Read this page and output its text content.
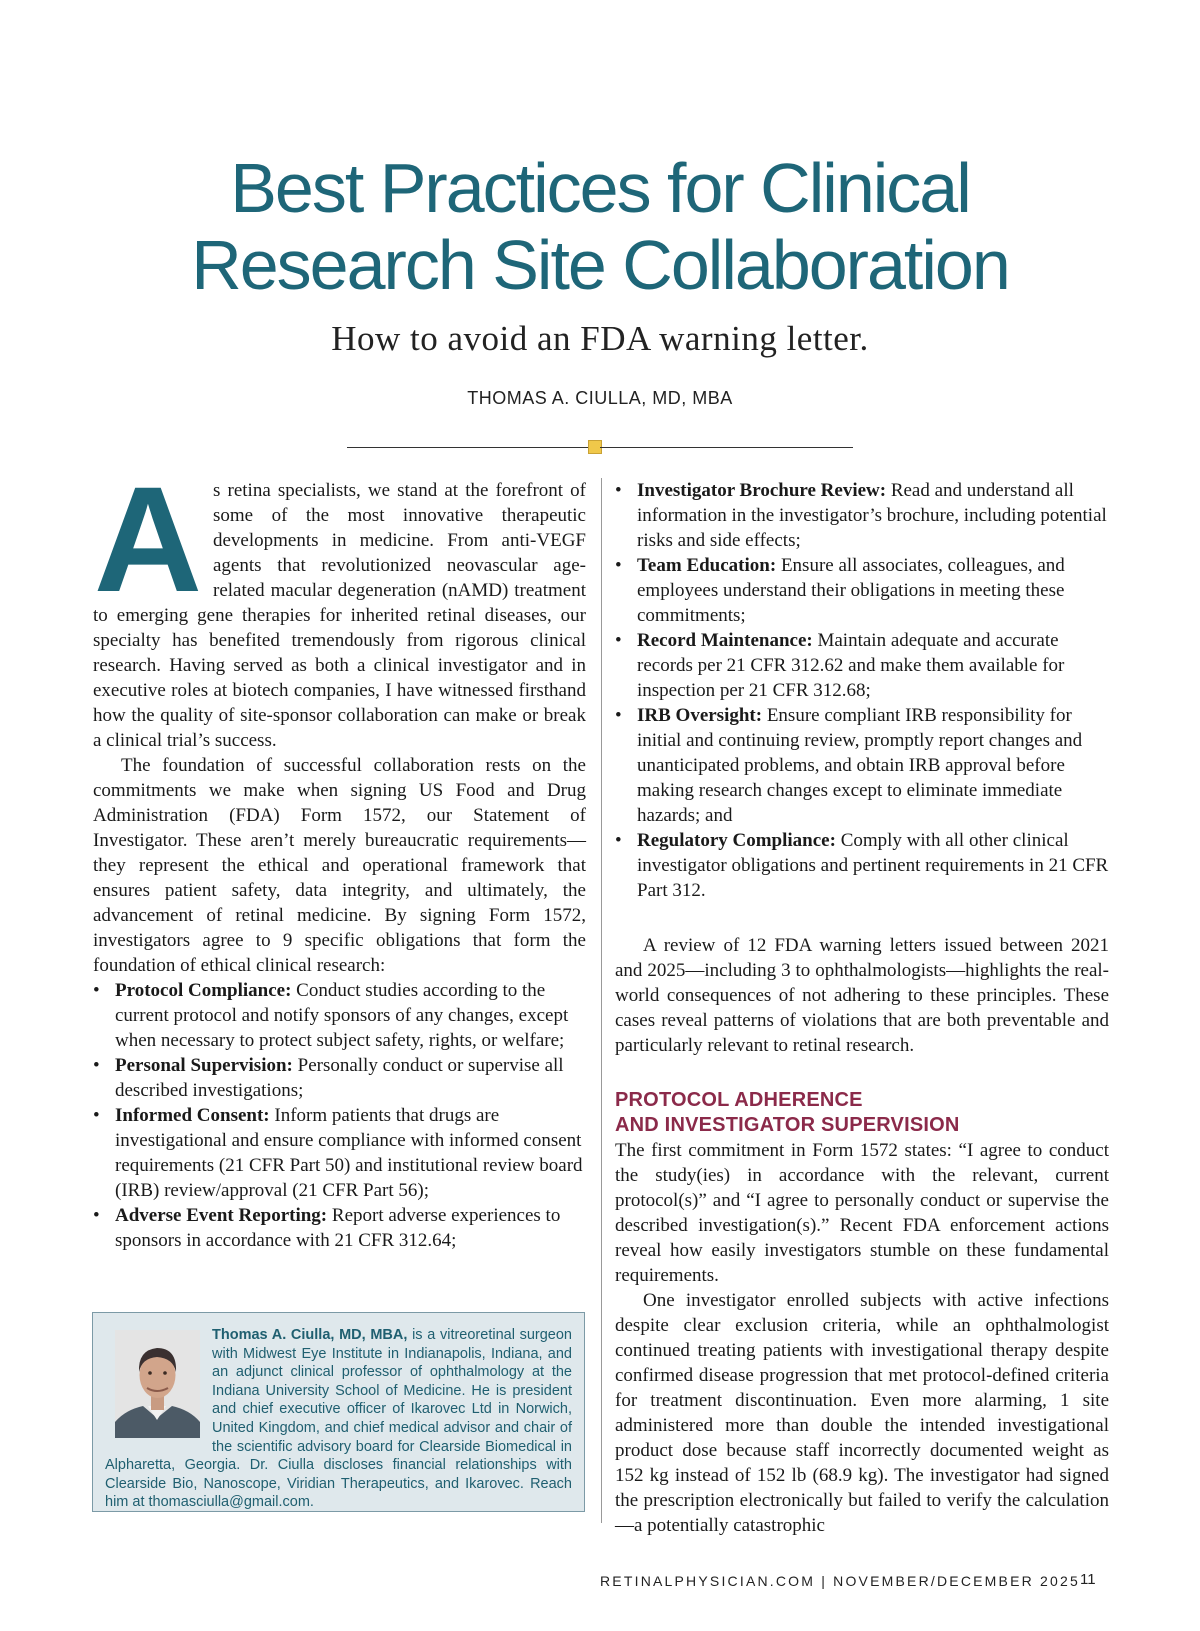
Best Practices for Clinical
Research Site Collaboration
How to avoid an FDA warning letter.
THOMAS A. CIULLA, MD, MBA

A s retina specialists, we stand at the forefront of some of the most innovative therapeutic developments in medicine. From anti-VEGF agents that revolutionized neovascular age-related macular degeneration (nAMD) treatment to emerging gene therapies for inherited retinal diseases, our specialty has benefited tremendously from rigorous clinical research. Having served as both a clinical investigator and in executive roles at biotech companies, I have witnessed firsthand how the quality of site-sponsor collaboration can make or break a clinical trial’s success.

The foundation of successful collaboration rests on the commitments we make when signing US Food and Drug Administration (FDA) Form 1572, our Statement of Investigator. These aren’t merely bureaucratic requirements—they represent the ethical and operational framework that ensures patient safety, data integrity, and ultimately, the advancement of retinal medicine. By signing Form 1572, investigators agree to 9 specific obligations that form the foundation of ethical clinical research:

• Protocol Compliance: Conduct studies according to the current protocol and notify sponsors of any changes, except when necessary to protect subject safety, rights, or welfare;
• Personal Supervision: Personally conduct or supervise all described investigations;
• Informed Consent: Inform patients that drugs are investigational and ensure compliance with informed consent requirements (21 CFR Part 50) and institutional review board (IRB) review/approval (21 CFR Part 56);
• Adverse Event Reporting: Report adverse experiences to sponsors in accordance with 21 CFR 312.64;
• Investigator Brochure Review: Read and understand all information in the investigator’s brochure, including potential risks and side effects;
• Team Education: Ensure all associates, colleagues, and employees understand their obligations in meeting these commitments;
• Record Maintenance: Maintain adequate and accurate records per 21 CFR 312.62 and make them available for inspection per 21 CFR 312.68;
• IRB Oversight: Ensure compliant IRB responsibility for initial and continuing review, promptly report changes and unanticipated problems, and obtain IRB approval before making research changes except to eliminate immediate hazards; and
• Regulatory Compliance: Comply with all other clinical investigator obligations and pertinent requirements in 21 CFR Part 312.

A review of 12 FDA warning letters issued between 2021 and 2025—including 3 to ophthalmologists—highlights the real-world consequences of not adhering to these principles. These cases reveal patterns of violations that are both preventable and particularly relevant to retinal research.

PROTOCOL ADHERENCE
AND INVESTIGATOR SUPERVISION

The first commitment in Form 1572 states: “I agree to conduct the study(ies) in accordance with the relevant, current protocol(s)” and “I agree to personally conduct or supervise the described investigation(s).” Recent FDA enforcement actions reveal how easily investigators stumble on these fundamental requirements.

One investigator enrolled subjects with active infections despite clear exclusion criteria, while an ophthalmologist continued treating patients with investigational therapy despite confirmed disease progression that met protocol-defined criteria for treatment discontinuation. Even more alarming, 1 site administered more than double the intended investigational product dose because staff incorrectly documented weight as 152 kg instead of 152 lb (68.9 kg). The investigator had signed the prescription electronically but failed to verify the calculation—a potentially catastrophic

Thomas A. Ciulla, MD, MBA, is a vitreoretinal surgeon with Midwest Eye Institute in Indianapolis, Indiana, and an adjunct clinical professor of ophthalmology at the Indiana University School of Medicine. He is president and chief executive officer of Ikarovec Ltd in Norwich, United Kingdom, and chief medical advisor and chair of the scientific advisory board for Clearside Biomedical in Alpharetta, Georgia. Dr. Ciulla discloses financial relationships with Clearside Bio, Nanoscope, Viridian Therapeutics, and Ikarovec. Reach him at thomasciulla@gmail.com.
RETINALPHYSICIAN.COM | NOVEMBER/DECEMBER 2025 11
